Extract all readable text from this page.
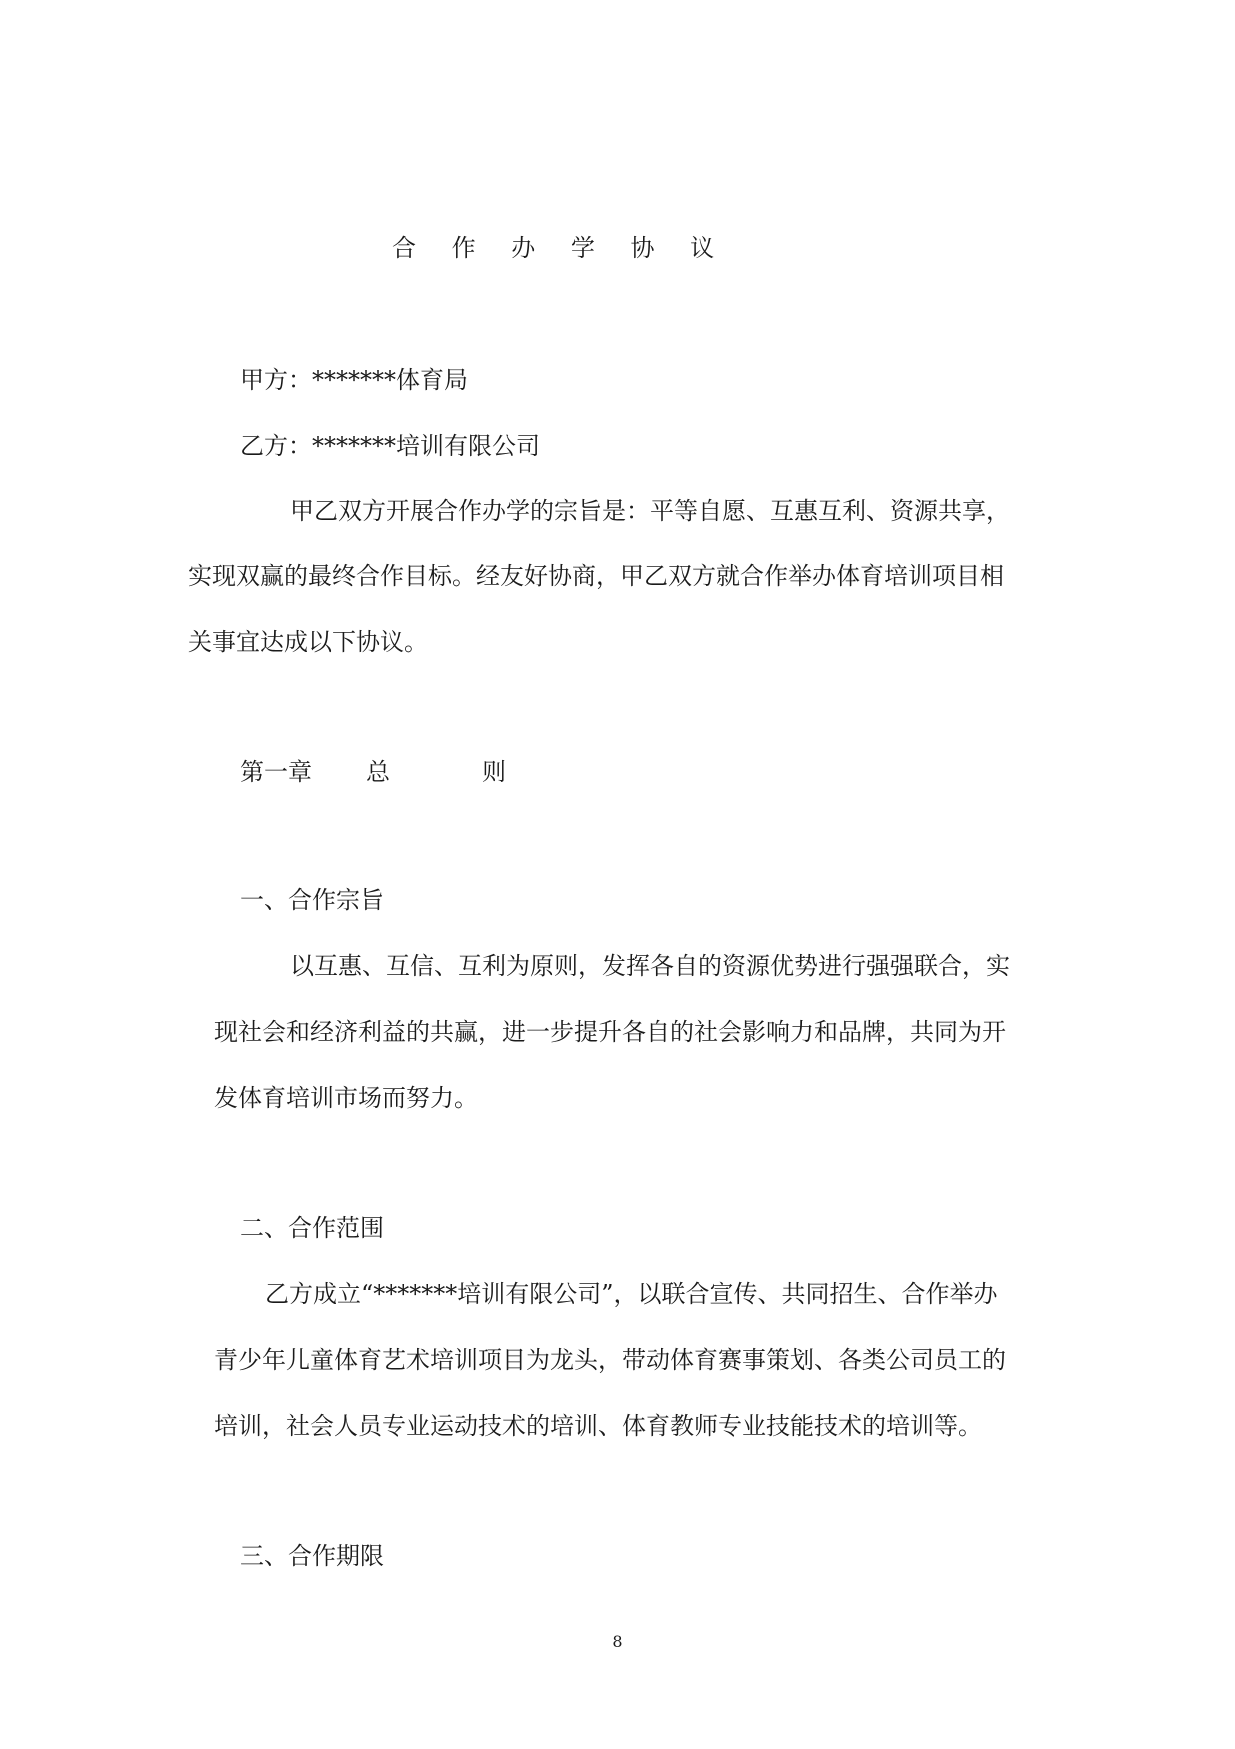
合 作 办 学 协 议
甲方：*******体育局
乙方：*******培训有限公司
甲乙双方开展合作办学的宗旨是：平等自愿、互惠互利、资源共享，
实现双赢的最终合作目标。经友好协商，甲乙双方就合作举办体育培训项目相
关事宜达成以下协议。
第一章 总	则
一、合作宗旨
以互惠、互信、互利为原则，发挥各自的资源优势进行强强联合，实
现社会和经济利益的共赢，进一步提升各自的社会影响力和品牌，共同为开
发体育培训市场而努力。
二、合作范围
乙方成立“*******培训有限公司”，以联合宣传、共同招生、合作举办
青少年儿童体育艺术培训项目为龙头，带动体育赛事策划、各类公司员工的
培训，社会人员专业运动技术的培训、体育教师专业技能技术的培训等。
三、合作期限
8
